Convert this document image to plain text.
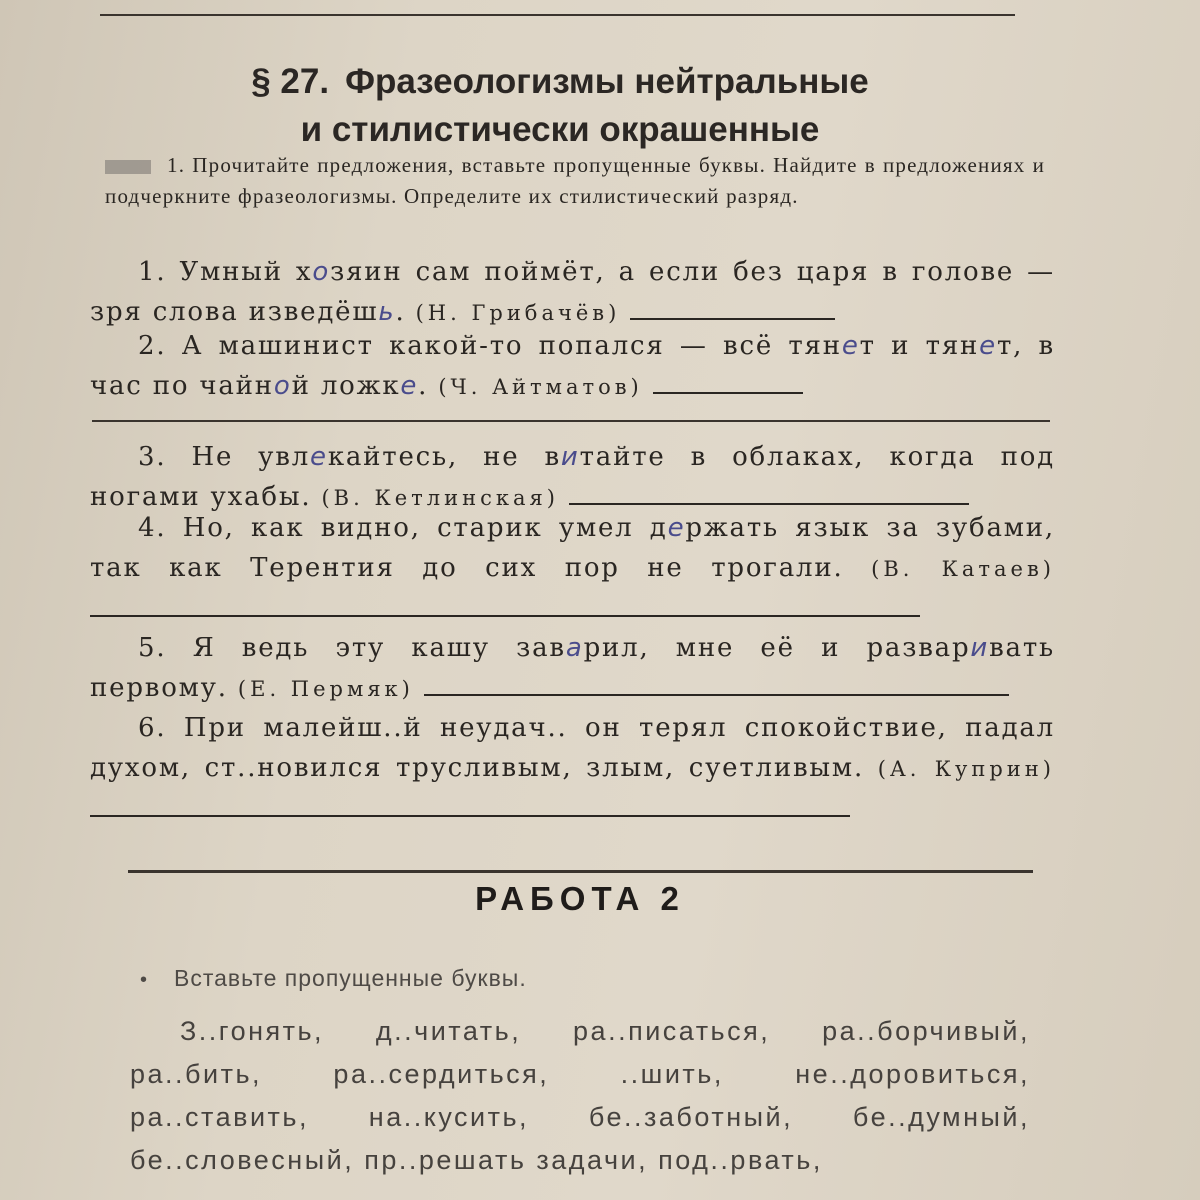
§ 27. Фразеологизмы нейтральные
и стилистически окрашенные
1. Прочитайте предложения, вставьте пропущенные буквы. Найдите в предложениях и подчеркните фразеологизмы. Определите их стилистический разряд.
1. Умный хозяин сам поймёт, а если без царя в голове — зря слова изведёшь. (Н. Грибачёв)
2. А машинист какой-то попался — всё тянет и тянет, в час по чайной ложке. (Ч. Айтматов)
3. Не увлекайтесь, не витайте в облаках, когда под ногами ухабы. (В. Кетлинская)
4. Но, как видно, старик умел держать язык за зубами, так как Терентия до сих пор не трогали. (В. Катаев)
5. Я ведь эту кашу заварил, мне её и разваривать первому. (Е. Пермяк)
6. При малейш..й неудач.. он терял спокойствие, падал духом, ст..новился трусливым, злым, суетливым. (А. Куприн)
РАБОТА 2
• Вставьте пропущенные буквы.
З..гонять, д..читать, ра..писаться, ра..борчивый, ра..бить, ра..сердиться, ..шить, не..доровиться, ра..ставить, на..кусить, бе..заботный, бе..думный, бе..словесный, пр..решать задачи, под..рвать,
